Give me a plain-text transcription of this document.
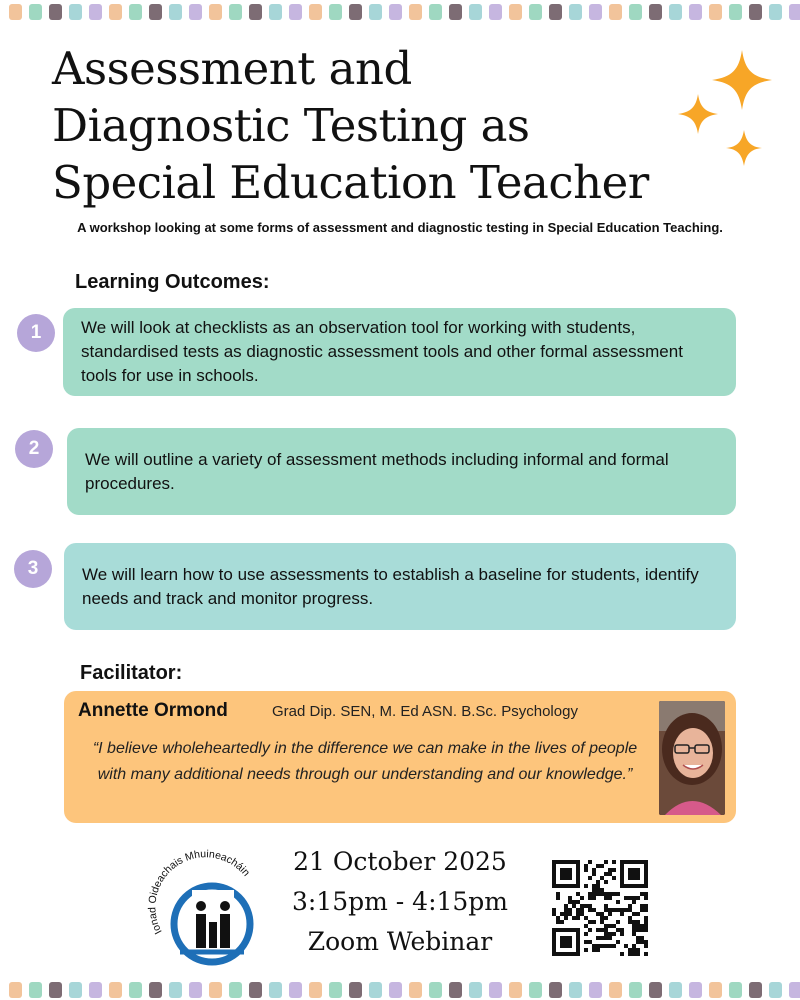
Assessment and
Diagnostic Testing as
Special Education Teacher
A workshop looking at some forms of assessment and diagnostic testing in Special Education Teaching.
Learning Outcomes:
We will look at checklists as an observation tool for working with students, standardised tests as diagnostic assessment tools and other formal assessment tools for use in schools.
1
We will outline a variety of assessment methods including informal and formal procedures.
2
We will learn how to use assessments to establish a baseline for students, identify needs and track and monitor progress.
3
Facilitator:
Annette Ormond	Grad Dip. SEN, M. Ed ASN. B.Sc. Psychology
“I believe wholeheartedly in the difference we can make in the lives of people with many additional needs through our understanding and our knowledge.”
Ionad Oideachais Mhuineacháin	21 October 2025
3:15pm - 4:15pm
Zoom Webinar
